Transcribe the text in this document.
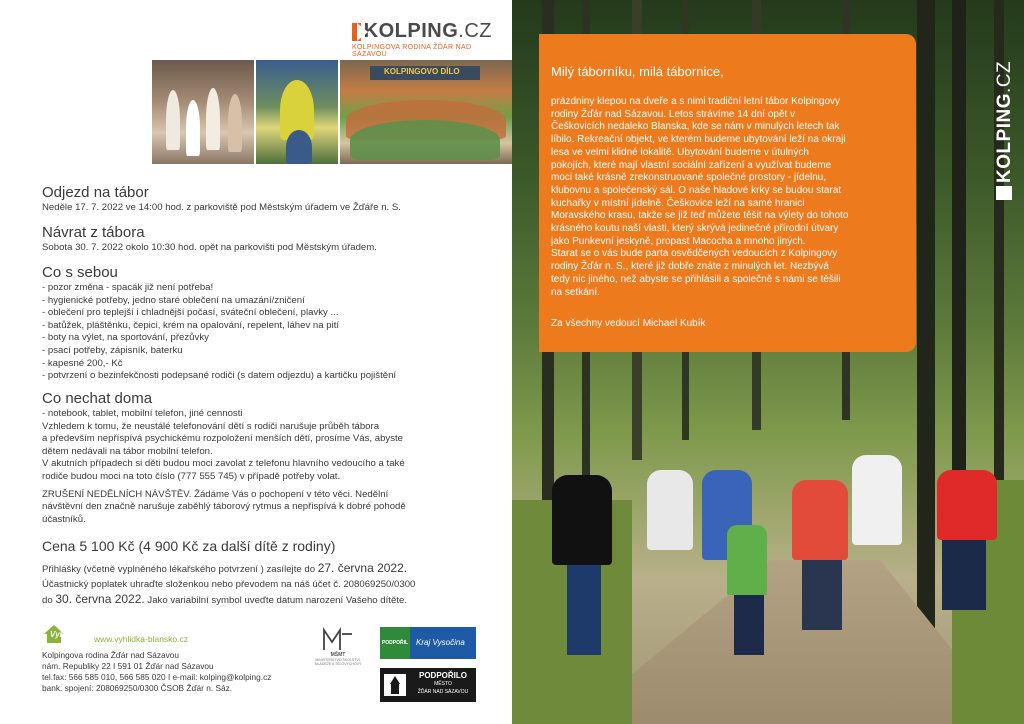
KOLPING .CZ
KOLPINGOVA RODINA ŽĎÁR NAD SÁZAVOU
KOLPINGOVO DÍLO
Odjezd na tábor
Neděle 17. 7. 2022 ve 14:00 hod. z parkoviště pod Městským úřadem ve Žďáře n. S.
Návrat z tábora
Sobota 30. 7. 2022 okolo 10:30 hod. opět na parkovišti pod Městským úřadem.
Co s sebou
- pozor změna - spacák již není potřeba!
- hygienické potřeby, jedno staré oblečení na umazání/zničení
- oblečení pro teplejší i chladnější počasí, sváteční oblečení, plavky ...
- batůžek, pláštěnku, čepici, krém na opalování, repelent, láhev na pití
- boty na výlet, na sportování, přezůvky
- psací potřeby, zápisník, baterku
- kapesné 200,- Kč
- potvrzení o bezinfekčnosti podepsané rodiči (s datem odjezdu) a kartičku pojištění
Co nechat doma
- notebook, tablet, mobilní telefon, jiné cennosti
Vzhledem k tomu, že neustálé telefonování dětí s rodiči narušuje průběh tábora
a především nepříspívá psychickému rozpoložení menších dětí, prosíme Vás, abyste
dětem nedávali na tábor mobilní telefon.
V akutních případech si děti budou moci zavolat z telefonu hlavního vedoucího a také
rodiče budou moci na toto číslo (777 555 745) v případě potřeby volat.
ZRUŠENÍ NEDĚLNÍCH NÁVŠTĚV. Žádáme Vás o pochopení v této věci. Nedělní
návštěvní den značně narušuje zaběhlý táborový rytmus a nepřispívá k dobré pohodě
účastníků.
Cena 5 100 Kč (4 900 Kč za další dítě z rodiny)
Přihlášky (včetně vyplněného lékařského potvrzení ) zasílejte do 27. června 2022.
Účastnický poplatek uhraďte složenkou nebo převodem na náš účet č. 208069250/0300
do 30. června 2022. Jako variabilní symbol uveďte datum narození Vašeho dítěte.
Vyhlídka www.vyhlidka-blansko.cz
Kolpingova rodina Žďár nad Sázavou
nám. Republiky 22 I 591 01 Žďár nad Sázavou
tel.fax: 566 585 010, 566 585 020 I e-mail: kolping@kolping.cz
bank. spojení: 208069250/0300 ČSOB Žďár n. Sáz.
MŠMT
MINISTERSTVO ŠKOLSTVÍ, MLÁDEŽE A TĚLOVÝCHOVY
PODPOŘIL Kraj Vysočina
PODPOŘILO
MĚSTO
ŽĎÁR NAD SÁZAVOU
Milý táborníku, milá tábornice,
prázdniny klepou na dveře a s nimi tradiční letní tábor Kolpingovy
rodiny Žďár nad Sázavou. Letos strávíme 14 dní opět v
Češkovicích nedaleko Blanska, kde se nám v minulých letech tak
líbilo. Rekreační objekt, ve kterém budeme ubytování leží na okraji
lesa ve velmi klidné lokalitě. Ubytování budeme v útulných
pokojích, které mají vlastní sociální zařízení a využívat budeme
moci také krásně zrekonstruované společné prostory - jídelnu,
klubovnu a společenský sál. O naše hladové krky se budou starat
kuchařky v místní jídelně. Češkovice leží na samé hranici
Moravského krasu, takže se již teď můžete těšit na výlety do tohoto
krásného koutu naší vlasti, který skrývá jedinečné přírodní útvary
jako Punkevní jeskyně, propast Macocha a mnoho jiných.
Starat se o vás bude parta osvědčených vedoucích z Kolpingovy
rodiny Žďár n. S., které již dobře znáte z minulých let. Nezbývá
tedy nic jiného, než abyste se přihlásili a společně s námi se těšili
na setkání.
Za všechny vedoucí Michael Kubík
KOLPING.CZ
